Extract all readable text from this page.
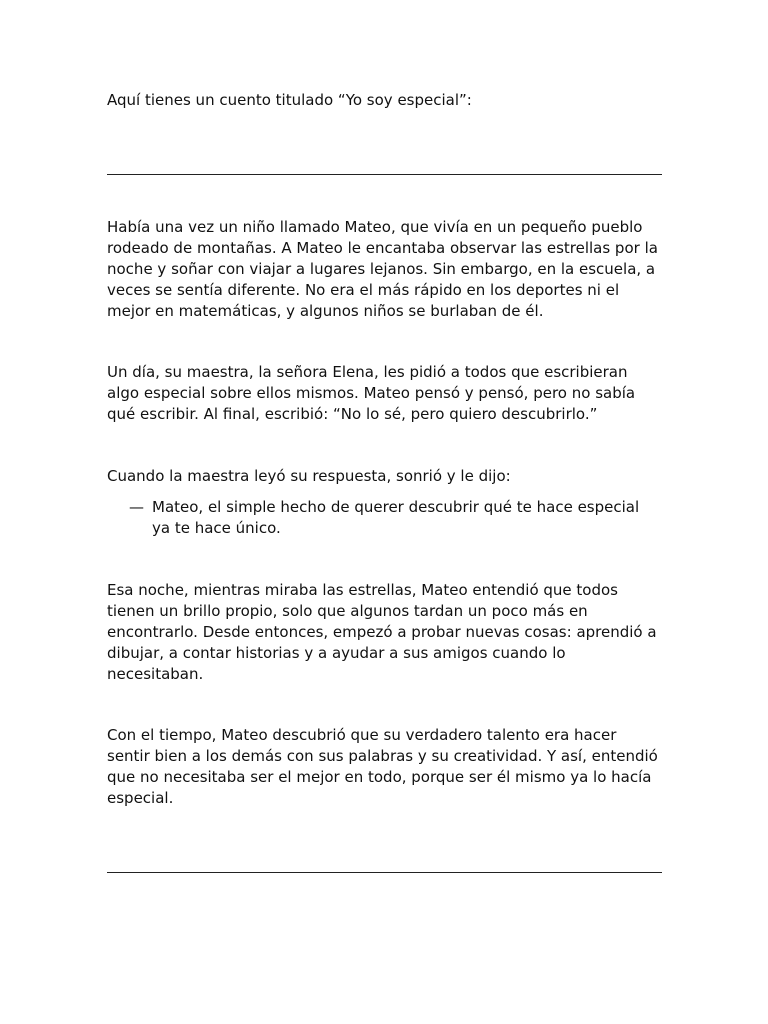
Aquí tienes un cuento titulado “Yo soy especial”:

Había una vez un niño llamado Mateo, que vivía en un pequeño pueblo rodeado de montañas. A Mateo le encantaba observar las estrellas por la noche y soñar con viajar a lugares lejanos. Sin embargo, en la escuela, a veces se sentía diferente. No era el más rápido en los deportes ni el mejor en matemáticas, y algunos niños se burlaban de él.

Un día, su maestra, la señora Elena, les pidió a todos que escribieran algo especial sobre ellos mismos. Mateo pensó y pensó, pero no sabía qué escribir. Al final, escribió: “No lo sé, pero quiero descubrirlo.”

Cuando la maestra leyó su respuesta, sonrió y le dijo:

— Mateo, el simple hecho de querer descubrir qué te hace especial ya te hace único.

Esa noche, mientras miraba las estrellas, Mateo entendió que todos tienen un brillo propio, solo que algunos tardan un poco más en encontrarlo. Desde entonces, empezó a probar nuevas cosas: aprendió a dibujar, a contar historias y a ayudar a sus amigos cuando lo necesitaban.

Con el tiempo, Mateo descubrió que su verdadero talento era hacer sentir bien a los demás con sus palabras y su creatividad. Y así, entendió que no necesitaba ser el mejor en todo, porque ser él mismo ya lo hacía especial.
